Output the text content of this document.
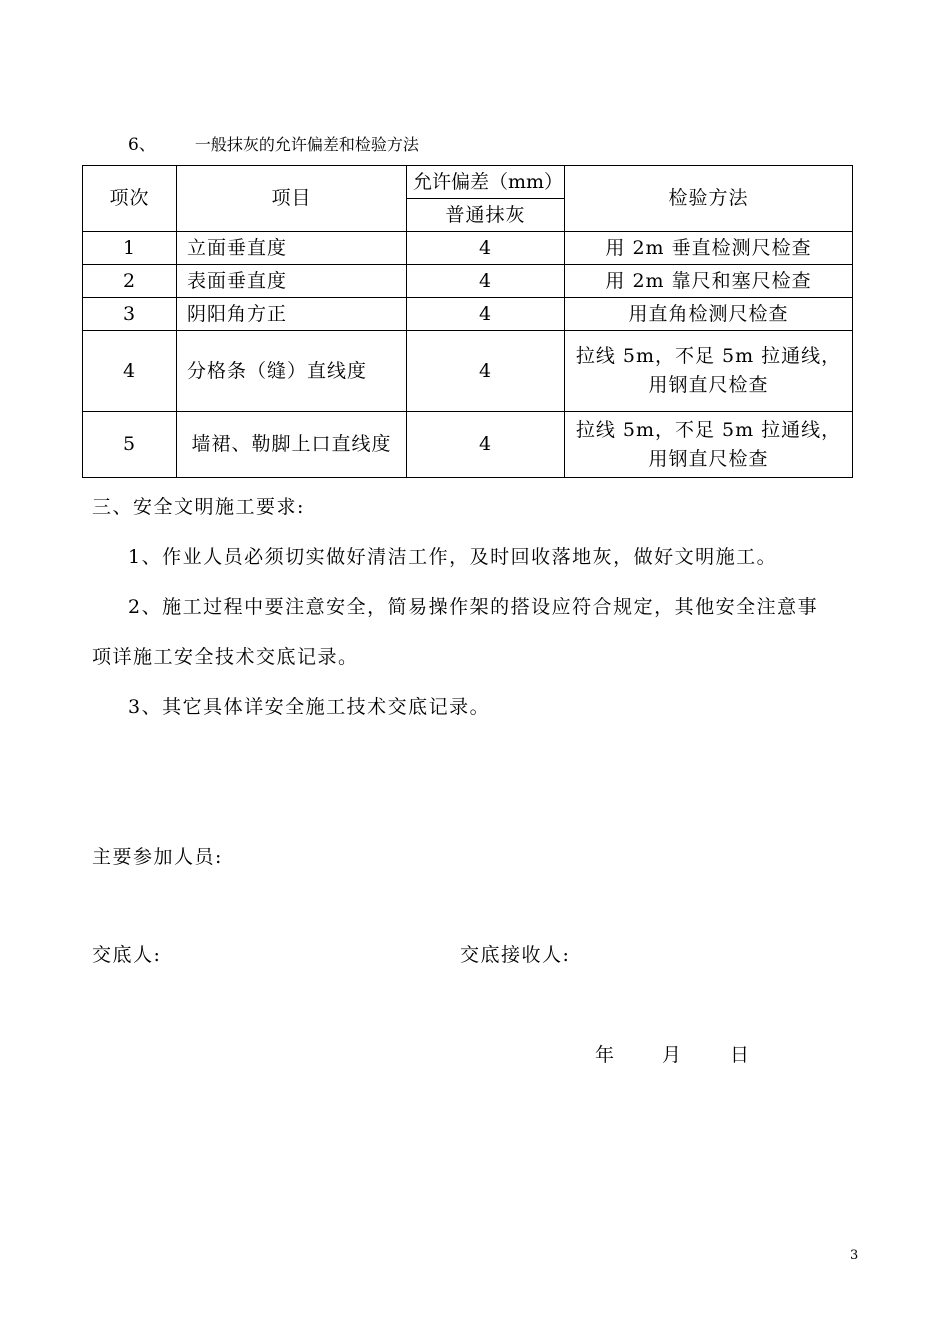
6、 一般抹灰的允许偏差和检验方法
项次	项目	允许偏差（mm）	检验方法
		普通抹灰	
1	立面垂直度	4	用 2m 垂直检测尺检查
2	表面垂直度	4	用 2m 靠尺和塞尺检查
3	阴阳角方正	4	用直角检测尺检查
4	分格条（缝）直线度	4	拉线 5m，不足 5m 拉通线，用钢直尺检查
5	墙裙、勒脚上口直线度	4	拉线 5m，不足 5m 拉通线，用钢直尺检查
三、安全文明施工要求:
1、作业人员必须切实做好清洁工作，及时回收落地灰，做好文明施工。
2、施工过程中要注意安全，简易操作架的搭设应符合规定，其他安全注意事
项详施工安全技术交底记录。
3、其它具体详安全施工技术交底记录。
主要参加人员:
交底人:	交底接收人:
年 月 日
3
